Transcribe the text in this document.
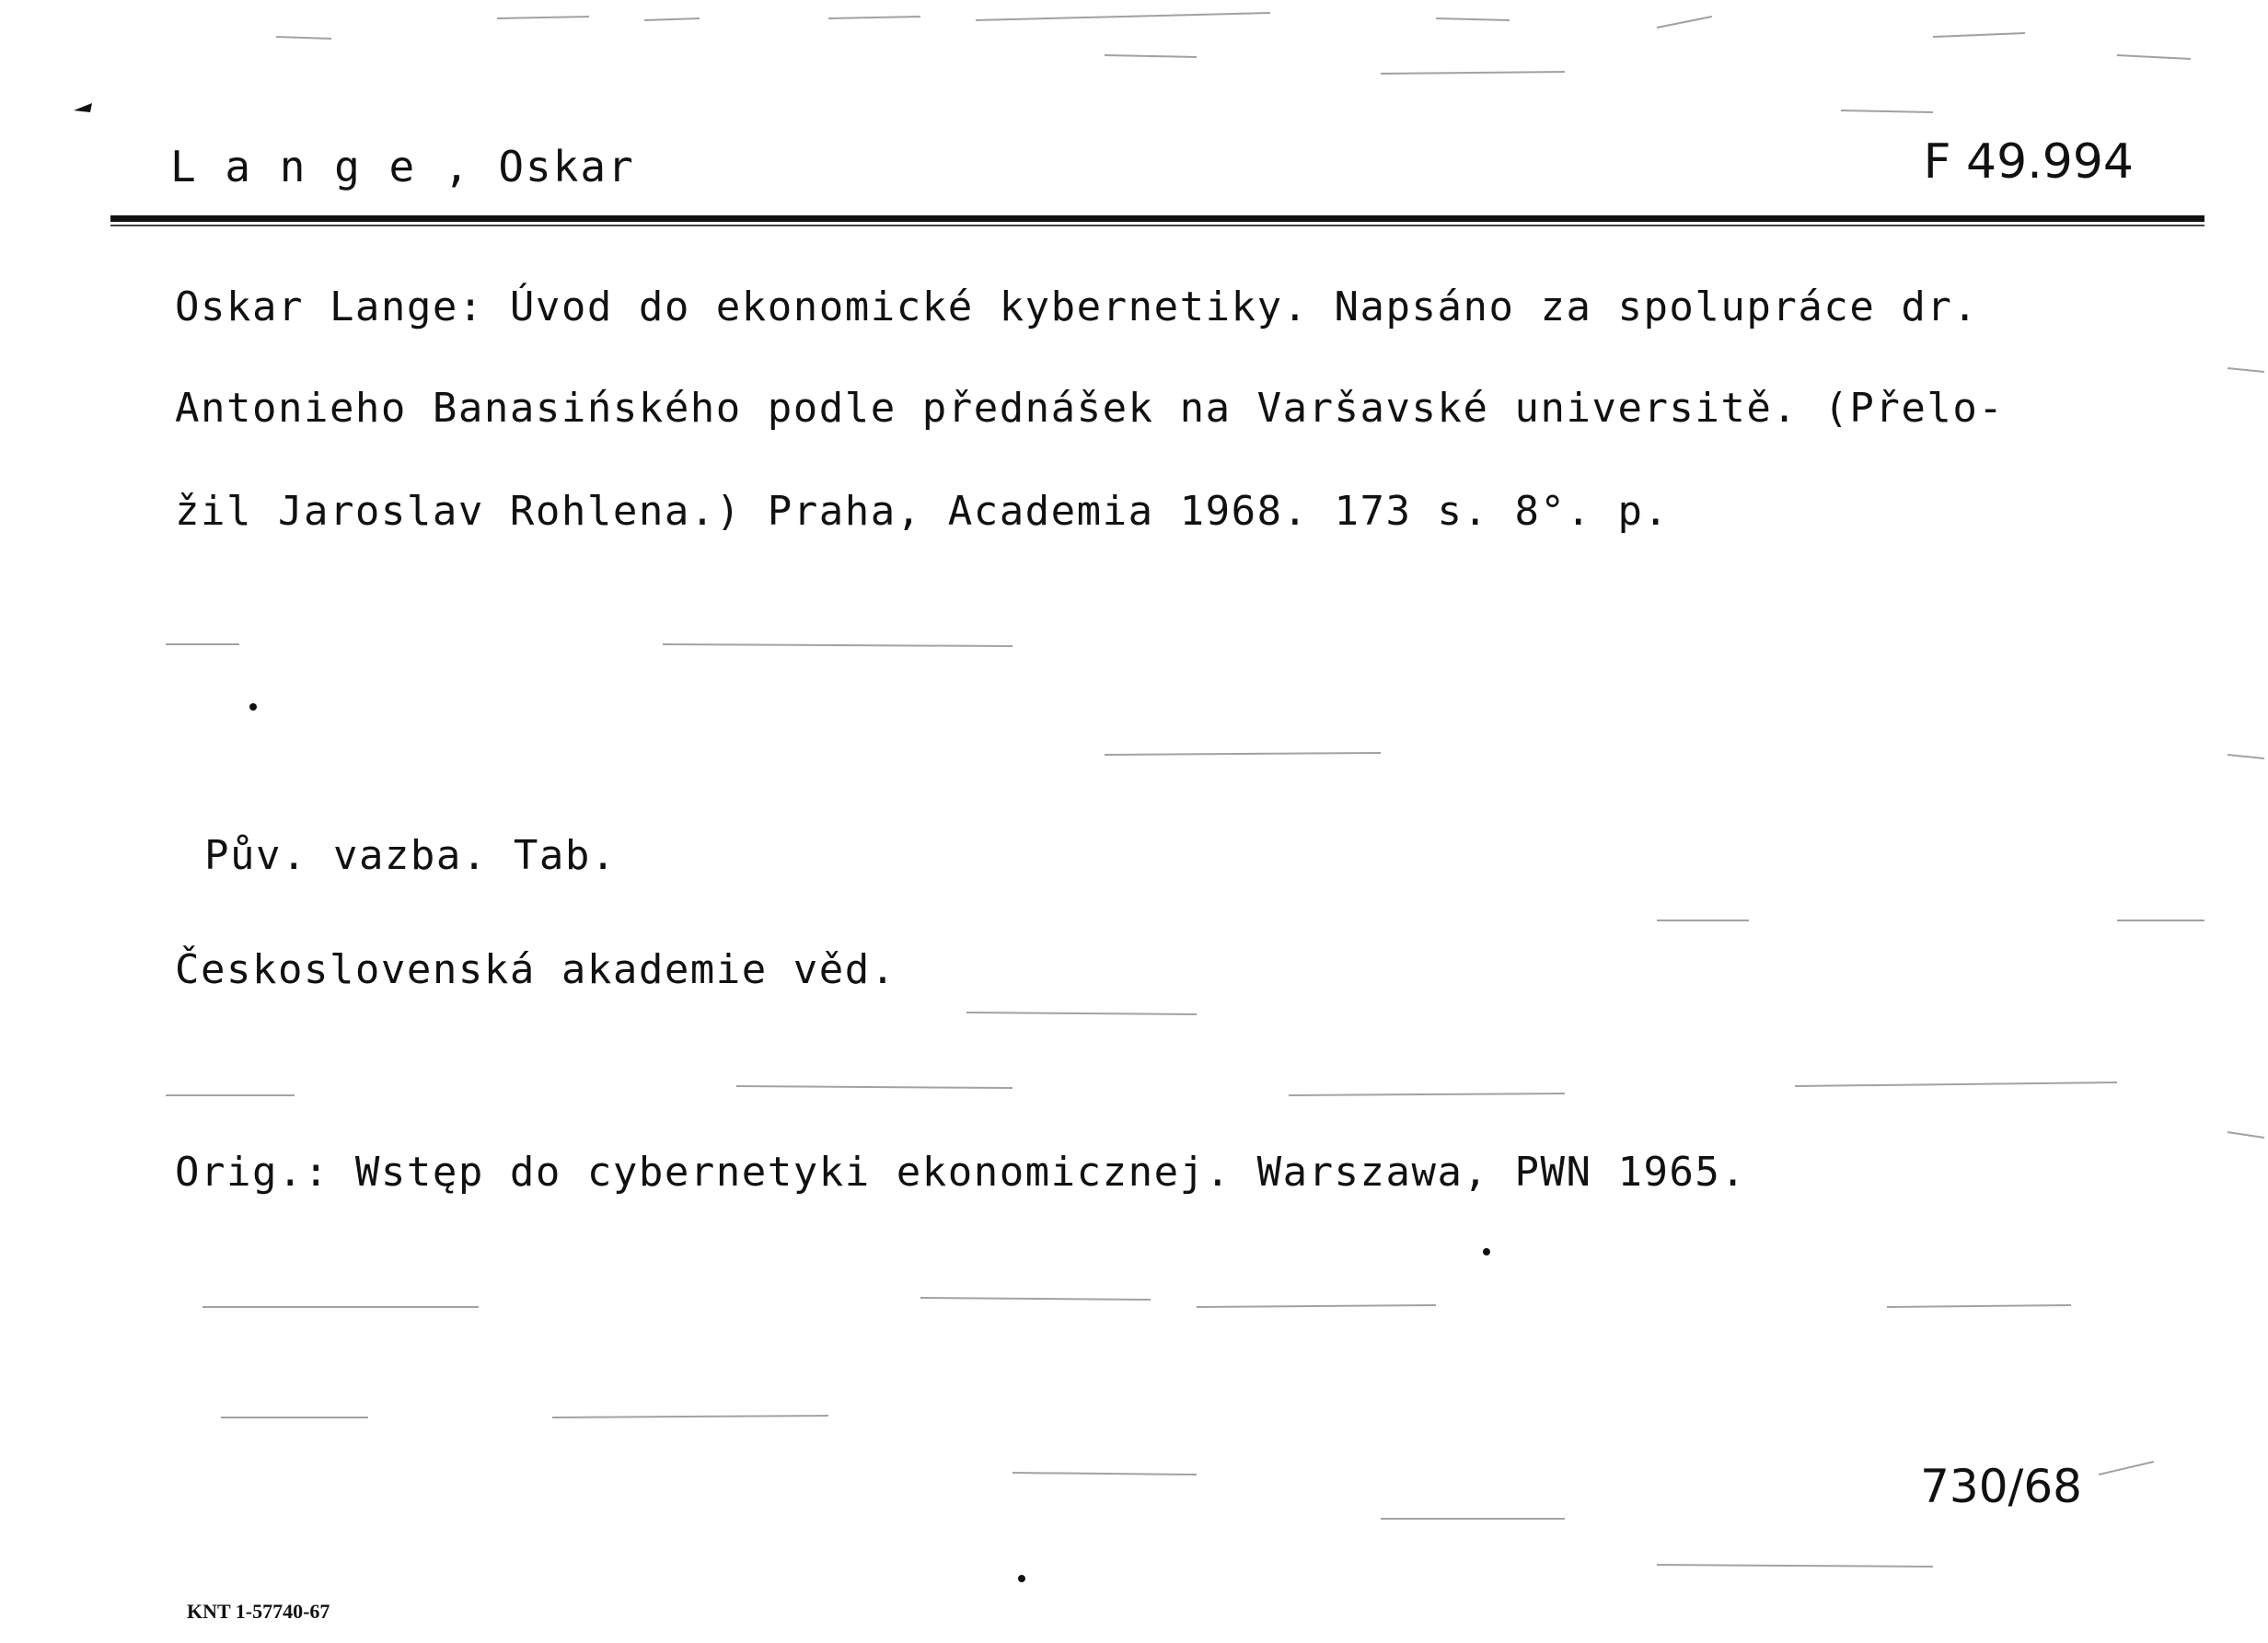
L a n g e , Oskar	F 49.994
Oskar Lange: Úvod do ekonomické kybernetiky. Napsáno za spolupráce dr.
Antonieho Banasińského podle přednášek na Varšavské universitě. (Přelo-
žil Jaroslav Rohlena.) Praha, Academia 1968. 173 s. 8°. p.
Pův. vazba. Tab.
Československá akademie věd.
Orig.: Wstęp do cybernetyki ekonomicznej. Warszawa, PWN 1965.
730/68
KNT 1-57740-67
